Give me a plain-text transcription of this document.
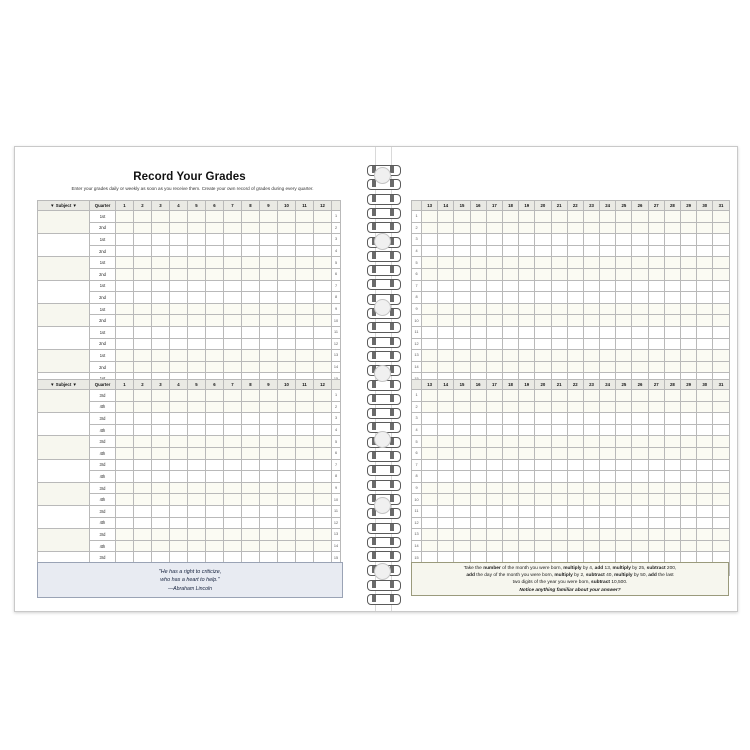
Record Your Grades
Enter your grades daily or weekly as soon as you receive them. Create your own record of grades during every quarter.
▼ Subject ▼	Quarter	1	2	3	4	5	6	7	8	9	10	11	12	
	1st													1
	2nd													2
	1st													3
	2nd													4
	1st													5
	2nd													6
	1st													7
	2nd													8
	1st													9
	2nd													10
	1st													11
	2nd													12
	1st													13
	2nd													14

▼ Subject ▼	Quarter	1	2	3	4	5	6	7	8	9	10	11	12	
	3rd													1
	4th													2
	3rd													3
	4th													4
	3rd													5
	4th													6
	3rd													7
	4th													8
	3rd													9
	4th													10
	3rd													11
	4th													12
	3rd													13
	4th													14
	3rd													15

"He has a right to criticize,
who has a heart to help."
—Abraham Lincoln
	13	14	15	16	17	18	19	20	21	22	23	24	25	26	27	28	29	30	31
1																			
2																			
3																			
4																			
5																			
6																			
7																			
8																			
9																			
10																			
11																			
12																			
13																			
14																			

	13	14	15	16	17	18	19	20	21	22	23	24	25	26	27	28	29	30	31
1																			
2																			
3																			
4																			
5																			
6																			
7																			
8																			
9																			
10																			
11																			
12																			
13																			
14																			
15																			

Take the number of the month you were born, multiply by 4, add 13, multiply by 25, subtract 200,
add the day of the month you were born, multiply by 2, subtract 40, multiply by 50, add the last
two digits of the year you were born, subtract 10,500.
Notice anything familiar about your answer?
